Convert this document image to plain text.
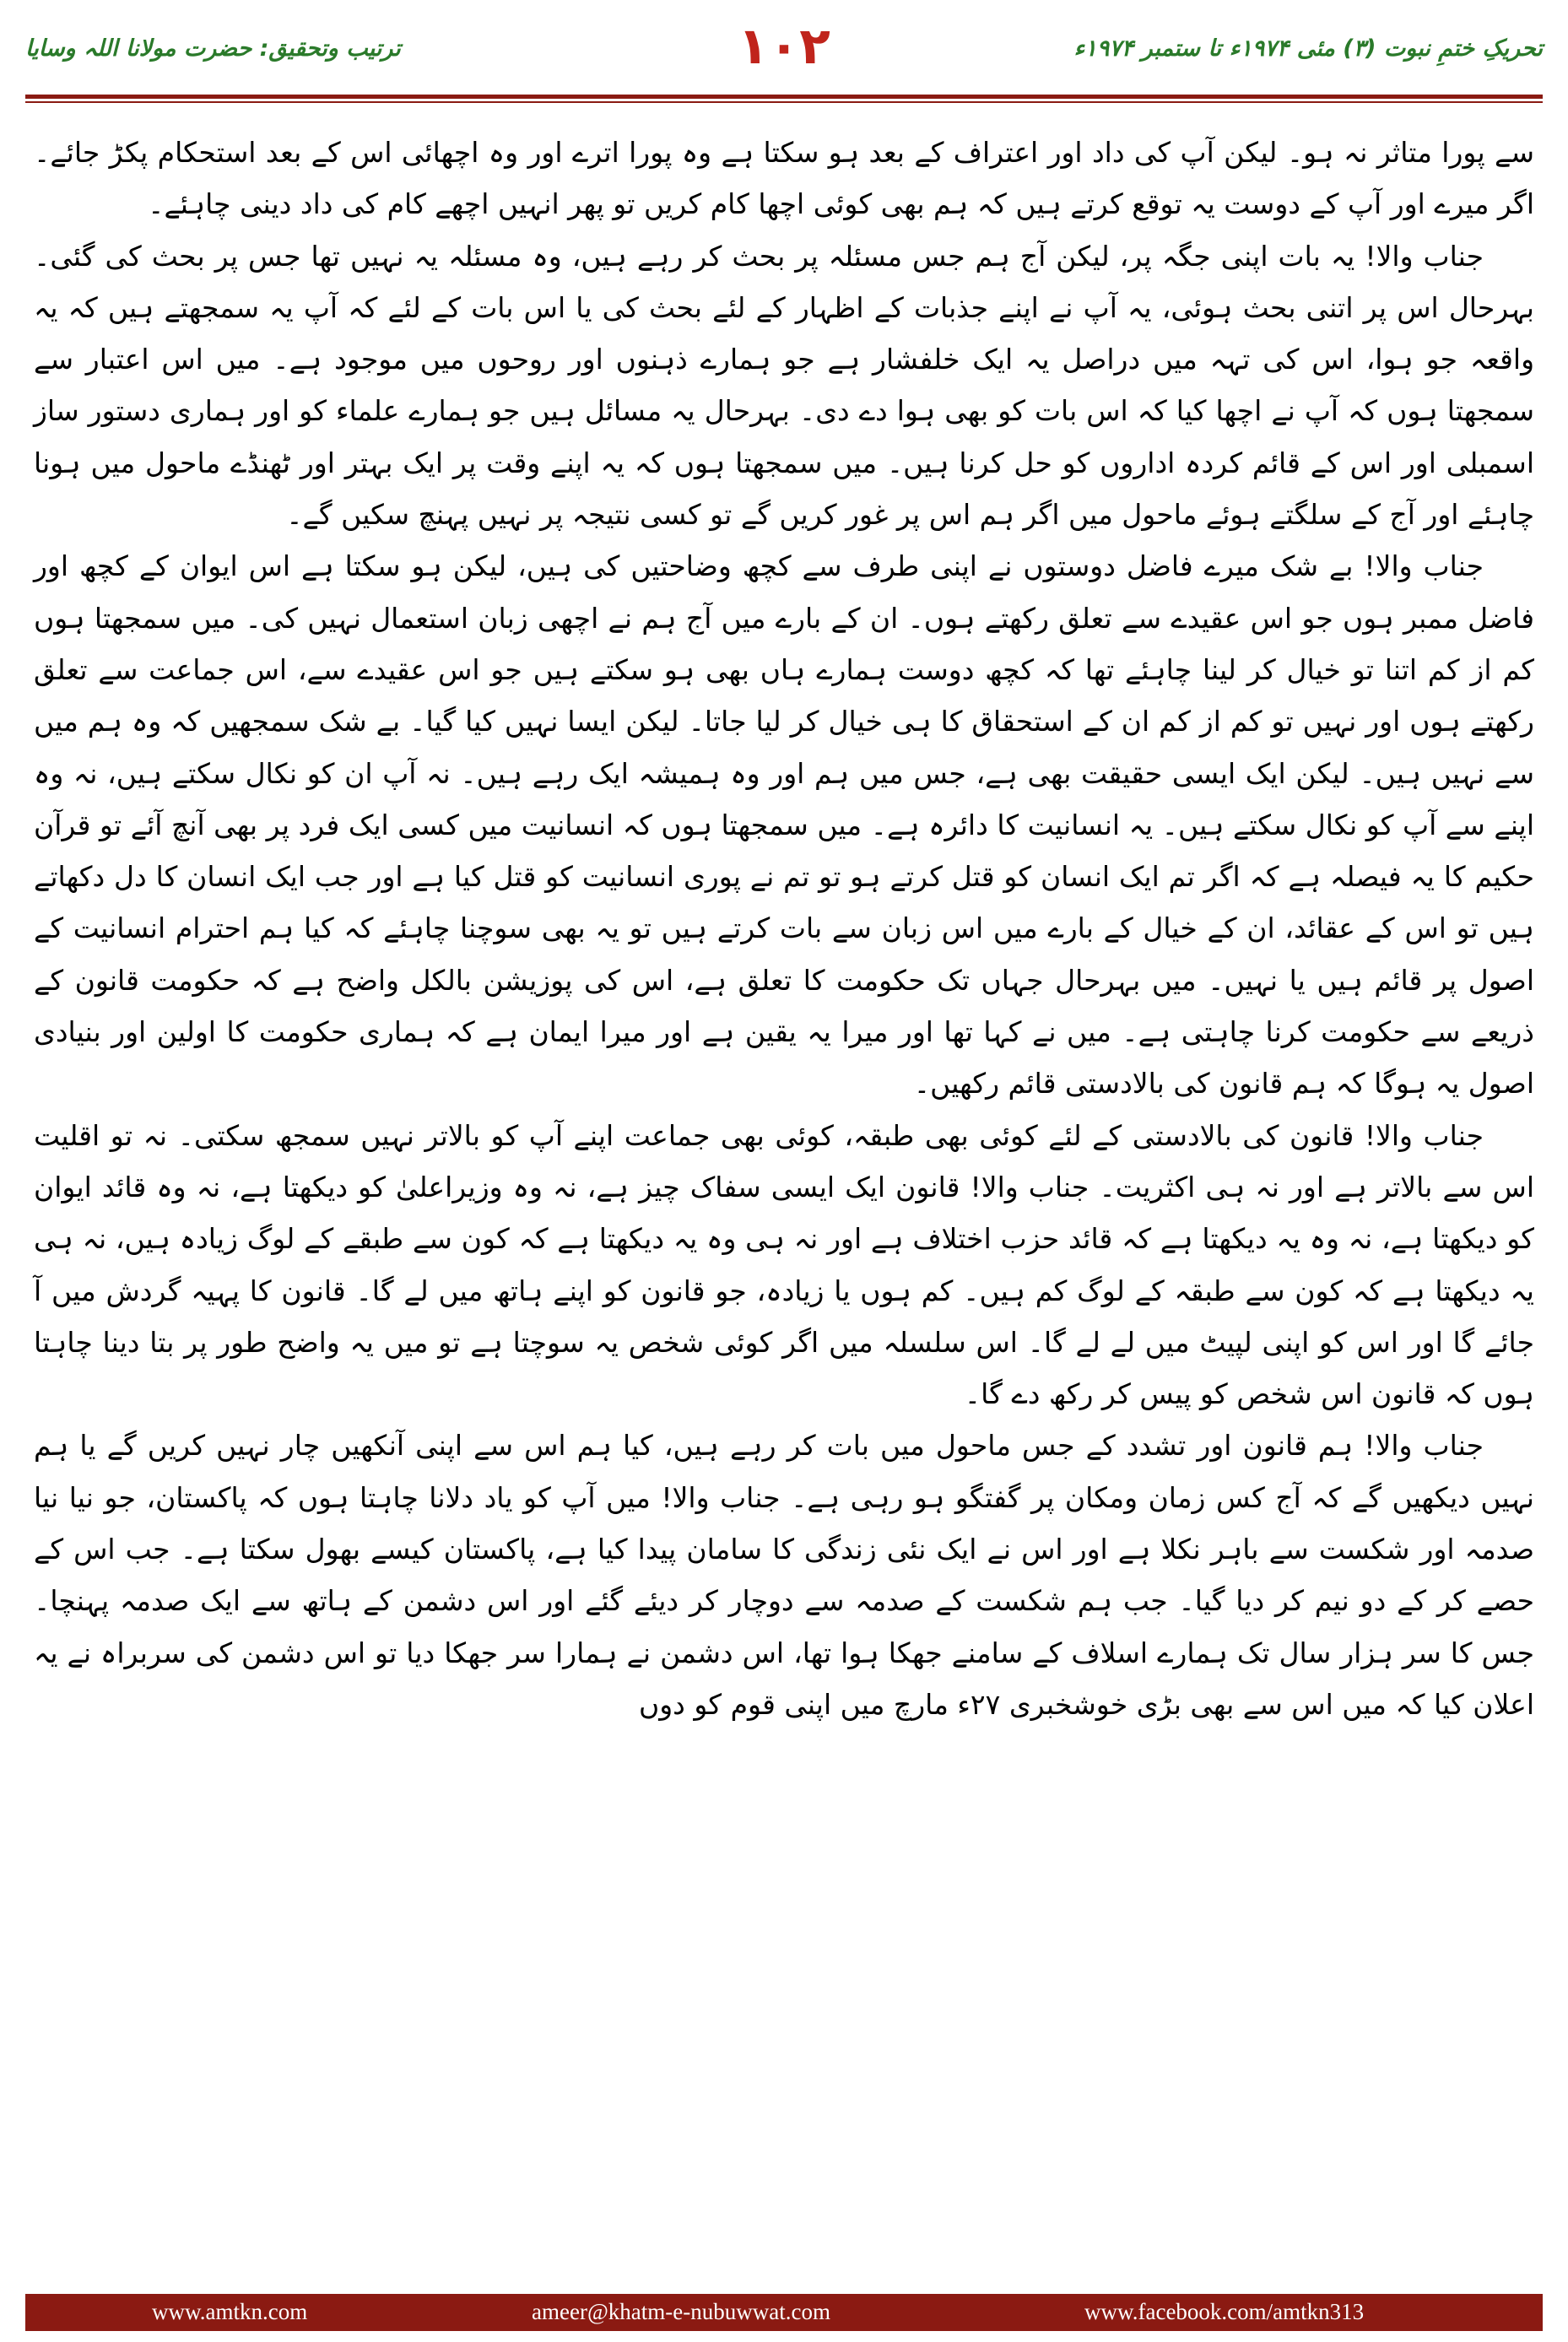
ترتیب وتحقیق: حضرت مولانا اللہ وسایا	۱۰۲	تحریکِ ختمِ نبوت (۳) مئی ۱۹۷۴ء تا ستمبر ۱۹۷۴ء

سے پورا متاثر نہ ہو۔ لیکن آپ کی داد اور اعتراف کے بعد ہو سکتا ہے وہ پورا اترے اور وہ اچھائی اس کے بعد استحکام پکڑ جائے۔ اگر میرے اور آپ کے دوست یہ توقع کرتے ہیں کہ ہم بھی کوئی اچھا کام کریں تو پھر انہیں اچھے کام کی داد دینی چاہئے۔

جناب والا! یہ بات اپنی جگہ پر، لیکن آج ہم جس مسئلہ پر بحث کر رہے ہیں، وہ مسئلہ یہ نہیں تھا جس پر بحث کی گئی۔ بہرحال اس پر اتنی بحث ہوئی، یہ آپ نے اپنے جذبات کے اظہار کے لئے بحث کی یا اس بات کے لئے کہ آپ یہ سمجھتے ہیں کہ یہ واقعہ جو ہوا، اس کی تہہ میں دراصل یہ ایک خلفشار ہے جو ہمارے ذہنوں اور روحوں میں موجود ہے۔ میں اس اعتبار سے سمجھتا ہوں کہ آپ نے اچھا کیا کہ اس بات کو بھی ہوا دے دی۔ بہرحال یہ مسائل ہیں جو ہمارے علماء کو اور ہماری دستور ساز اسمبلی اور اس کے قائم کردہ اداروں کو حل کرنا ہیں۔ میں سمجھتا ہوں کہ یہ اپنے وقت پر ایک بہتر اور ٹھنڈے ماحول میں ہونا چاہئے اور آج کے سلگتے ہوئے ماحول میں اگر ہم اس پر غور کریں گے تو کسی نتیجہ پر نہیں پہنچ سکیں گے۔

جناب والا! بے شک میرے فاضل دوستوں نے اپنی طرف سے کچھ وضاحتیں کی ہیں، لیکن ہو سکتا ہے اس ایوان کے کچھ اور فاضل ممبر ہوں جو اس عقیدے سے تعلق رکھتے ہوں۔ ان کے بارے میں آج ہم نے اچھی زبان استعمال نہیں کی۔ میں سمجھتا ہوں کم از کم اتنا تو خیال کر لینا چاہئے تھا کہ کچھ دوست ہمارے ہاں بھی ہو سکتے ہیں جو اس عقیدے سے، اس جماعت سے تعلق رکھتے ہوں اور نہیں تو کم از کم ان کے استحقاق کا ہی خیال کر لیا جاتا۔ لیکن ایسا نہیں کیا گیا۔ بے شک سمجھیں کہ وہ ہم میں سے نہیں ہیں۔ لیکن ایک ایسی حقیقت بھی ہے، جس میں ہم اور وہ ہمیشہ ایک رہے ہیں۔ نہ آپ ان کو نکال سکتے ہیں، نہ وہ اپنے سے آپ کو نکال سکتے ہیں۔ یہ انسانیت کا دائرہ ہے۔ میں سمجھتا ہوں کہ انسانیت میں کسی ایک فرد پر بھی آنچ آئے تو قرآن حکیم کا یہ فیصلہ ہے کہ اگر تم ایک انسان کو قتل کرتے ہو تو تم نے پوری انسانیت کو قتل کیا ہے اور جب ایک انسان کا دل دکھاتے ہیں تو اس کے عقائد، ان کے خیال کے بارے میں اس زبان سے بات کرتے ہیں تو یہ بھی سوچنا چاہئے کہ کیا ہم احترام انسانیت کے اصول پر قائم ہیں یا نہیں۔ میں بہرحال جہاں تک حکومت کا تعلق ہے، اس کی پوزیشن بالکل واضح ہے کہ حکومت قانون کے ذریعے سے حکومت کرنا چاہتی ہے۔ میں نے کہا تھا اور میرا یہ یقین ہے اور میرا ایمان ہے کہ ہماری حکومت کا اولین اور بنیادی اصول یہ ہوگا کہ ہم قانون کی بالادستی قائم رکھیں۔

جناب والا! قانون کی بالادستی کے لئے کوئی بھی طبقہ، کوئی بھی جماعت اپنے آپ کو بالاتر نہیں سمجھ سکتی۔ نہ تو اقلیت اس سے بالاتر ہے اور نہ ہی اکثریت۔ جناب والا! قانون ایک ایسی سفاک چیز ہے، نہ وہ وزیراعلیٰ کو دیکھتا ہے، نہ وہ قائد ایوان کو دیکھتا ہے، نہ وہ یہ دیکھتا ہے کہ قائد حزب اختلاف ہے اور نہ ہی وہ یہ دیکھتا ہے کہ کون سے طبقے کے لوگ زیادہ ہیں، نہ ہی یہ دیکھتا ہے کہ کون سے طبقہ کے لوگ کم ہیں۔ کم ہوں یا زیادہ، جو قانون کو اپنے ہاتھ میں لے گا۔ قانون کا پہیہ گردش میں آ جائے گا اور اس کو اپنی لپیٹ میں لے لے گا۔ اس سلسلہ میں اگر کوئی شخص یہ سوچتا ہے تو میں یہ واضح طور پر بتا دینا چاہتا ہوں کہ قانون اس شخص کو پیس کر رکھ دے گا۔

جناب والا! ہم قانون اور تشدد کے جس ماحول میں بات کر رہے ہیں، کیا ہم اس سے اپنی آنکھیں چار نہیں کریں گے یا ہم نہیں دیکھیں گے کہ آج کس زمان ومکان پر گفتگو ہو رہی ہے۔ جناب والا! میں آپ کو یاد دلانا چاہتا ہوں کہ پاکستان، جو نیا نیا صدمہ اور شکست سے باہر نکلا ہے اور اس نے ایک نئی زندگی کا سامان پیدا کیا ہے، پاکستان کیسے بھول سکتا ہے۔ جب اس کے حصے کر کے دو نیم کر دیا گیا۔ جب ہم شکست کے صدمہ سے دوچار کر دیئے گئے اور اس دشمن کے ہاتھ سے ایک صدمہ پہنچا۔ جس کا سر ہزار سال تک ہمارے اسلاف کے سامنے جھکا ہوا تھا، اس دشمن نے ہمارا سر جھکا دیا تو اس دشمن کی سربراہ نے یہ اعلان کیا کہ میں اس سے بھی بڑی خوشخبری ۲۷ء مارچ میں اپنی قوم کو دوں

www.amtkn.com	ameer@khatm-e-nubuwwat.com	www.facebook.com/amtkn313
